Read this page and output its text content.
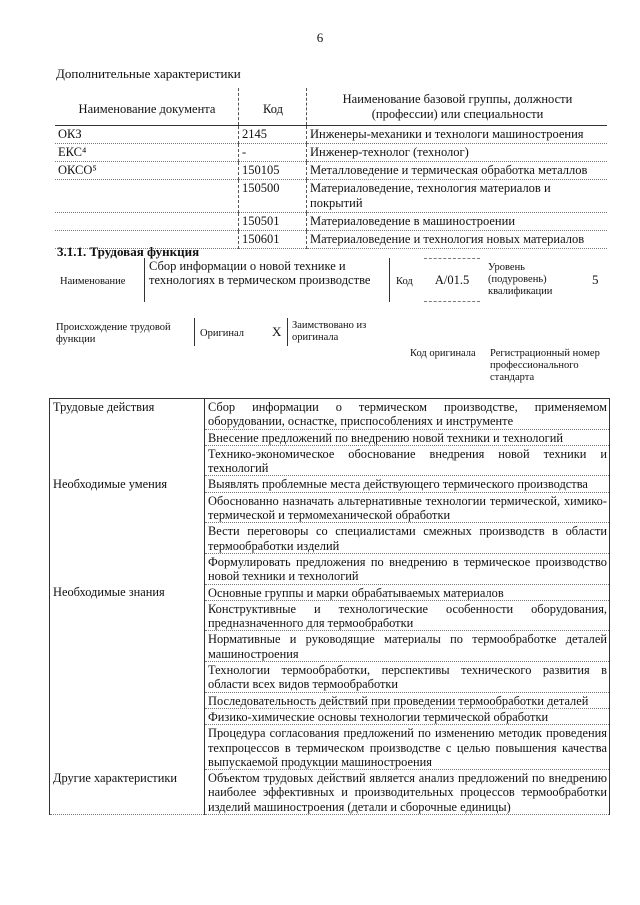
6
Дополнительные характеристики
Наименование документа	Код	Наименование базовой группы, должности (профессии) или специальности
ОКЗ	2145	Инженеры-механики и технологи машиностроения
ЕКС⁴	-	Инженер-технолог (технолог)
ОКСО⁵	150105	Металловедение и термическая обработка металлов
	150500	Материаловедение, технология материалов и покрытий
	150501	Материаловедение в машиностроении
	150601	Материаловедение и технология новых материалов
3.1.1. Трудовая функция
Наименование
Сбор информации о новой технике и технологиях в термическом производстве	Код	А/01.5
Уровень (подуровень) квалификации
5
Происхождение трудовой функции
Оригинал X Заимствовано из оригинала
Код оригинала Регистрационный номер профессионального стандарта
Трудовые действия	Сбор информации о термическом производстве, применяемом оборудовании, оснастке, приспособлениях и инструменте
	Внесение предложений по внедрению новой техники и технологий
	Технико-экономическое обоснование внедрения новой техники и технологий
Необходимые умения	Выявлять проблемные места действующего термического производства
	Обоснованно назначать альтернативные технологии термической, химико-термической и термомеханической обработки
	Вести переговоры со специалистами смежных производств в области термообработки изделий
	Формулировать предложения по внедрению в термическое производство новой техники и технологий
Необходимые знания	Основные группы и марки обрабатываемых материалов
	Конструктивные и технологические особенности оборудования, предназначенного для термообработки
	Нормативные и руководящие материалы по термообработке деталей машиностроения
	Технологии термообработки, перспективы технического развития в области всех видов термообработки
	Последовательность действий при проведении термообработки деталей
	Физико-химические основы технологии термической обработки
	Процедура согласования предложений по изменению методик проведения техпроцессов в термическом производстве с целью повышения качества выпускаемой продукции машиностроения
Другие характеристики	Объектом трудовых действий является анализ предложений по внедрению наиболее эффективных и производительных процессов термообработки изделий машиностроения (детали и сборочные единицы)
